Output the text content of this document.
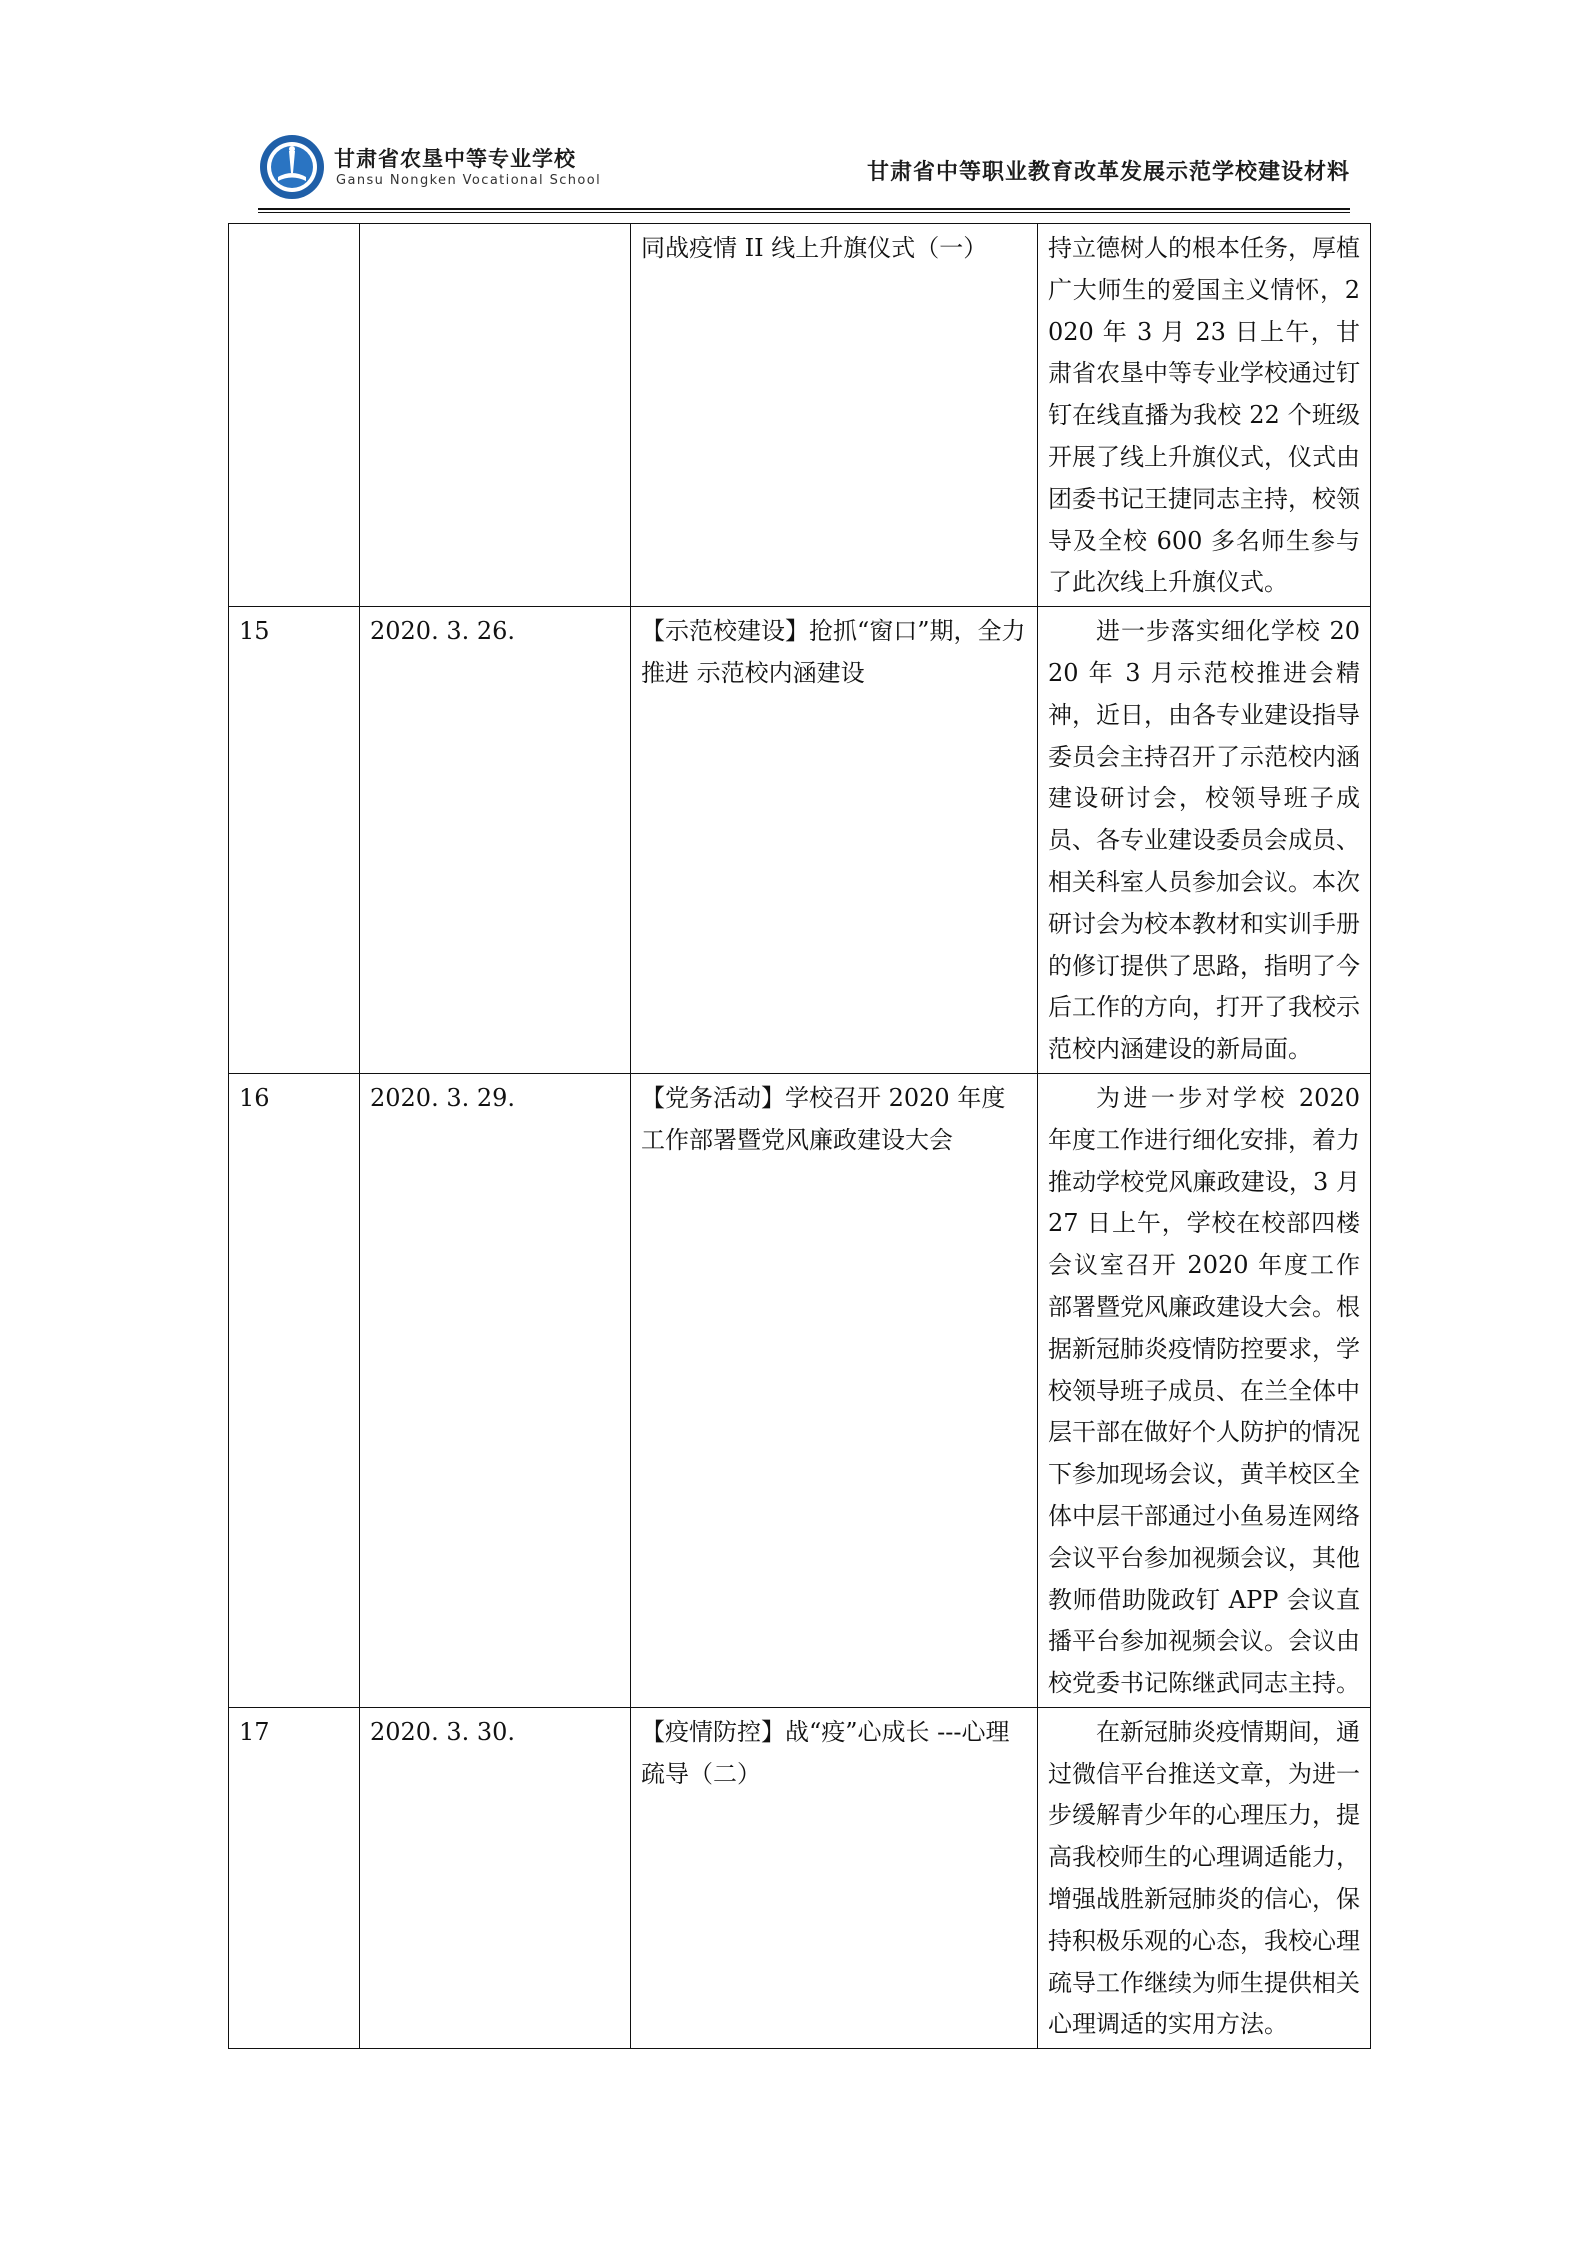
甘肃省农垦中等专业学校
Gansu Nongken Vocational School	甘肃省中等职业教育改革发展示范学校建设材料
		同战疫情 II 线上升旗仪式（一）	持立德树人的根本任务，厚植广大师生的爱国主义情怀，2020 年 3 月 23 日上午，甘肃省农垦中等专业学校通过钉钉在线直播为我校 22 个班级开展了线上升旗仪式，仪式由团委书记王捷同志主持，校领导及全校 600 多名师生参与了此次线上升旗仪式。
15	2020. 3. 26.	【示范校建设】抢抓“窗口”期，全力推进 示范校内涵建设	进一步落实细化学校 2020 年 3 月示范校推进会精神，近日，由各专业建设指导委员会主持召开了示范校内涵建设研讨会，校领导班子成员、各专业建设委员会成员、相关科室人员参加会议。本次研讨会为校本教材和实训手册的修订提供了思路，指明了今后工作的方向，打开了我校示范校内涵建设的新局面。
16	2020. 3. 29.	【党务活动】学校召开 2020 年度工作部署暨党风廉政建设大会	为进一步对学校 2020 年度工作进行细化安排，着力推动学校党风廉政建设，3 月 27 日上午，学校在校部四楼会议室召开 2020 年度工作部署暨党风廉政建设大会。根据新冠肺炎疫情防控要求，学校领导班子成员、在兰全体中层干部在做好个人防护的情况下参加现场会议，黄羊校区全体中层干部通过小鱼易连网络会议平台参加视频会议，其他教师借助陇政钉 APP 会议直播平台参加视频会议。会议由校党委书记陈继武同志主持。
17	2020. 3. 30.	【疫情防控】战“疫”心成长 ---心理疏导（二）	在新冠肺炎疫情期间，通过微信平台推送文章，为进一步缓解青少年的心理压力，提高我校师生的心理调适能力，增强战胜新冠肺炎的信心，保持积极乐观的心态，我校心理疏导工作继续为师生提供相关心理调适的实用方法。
